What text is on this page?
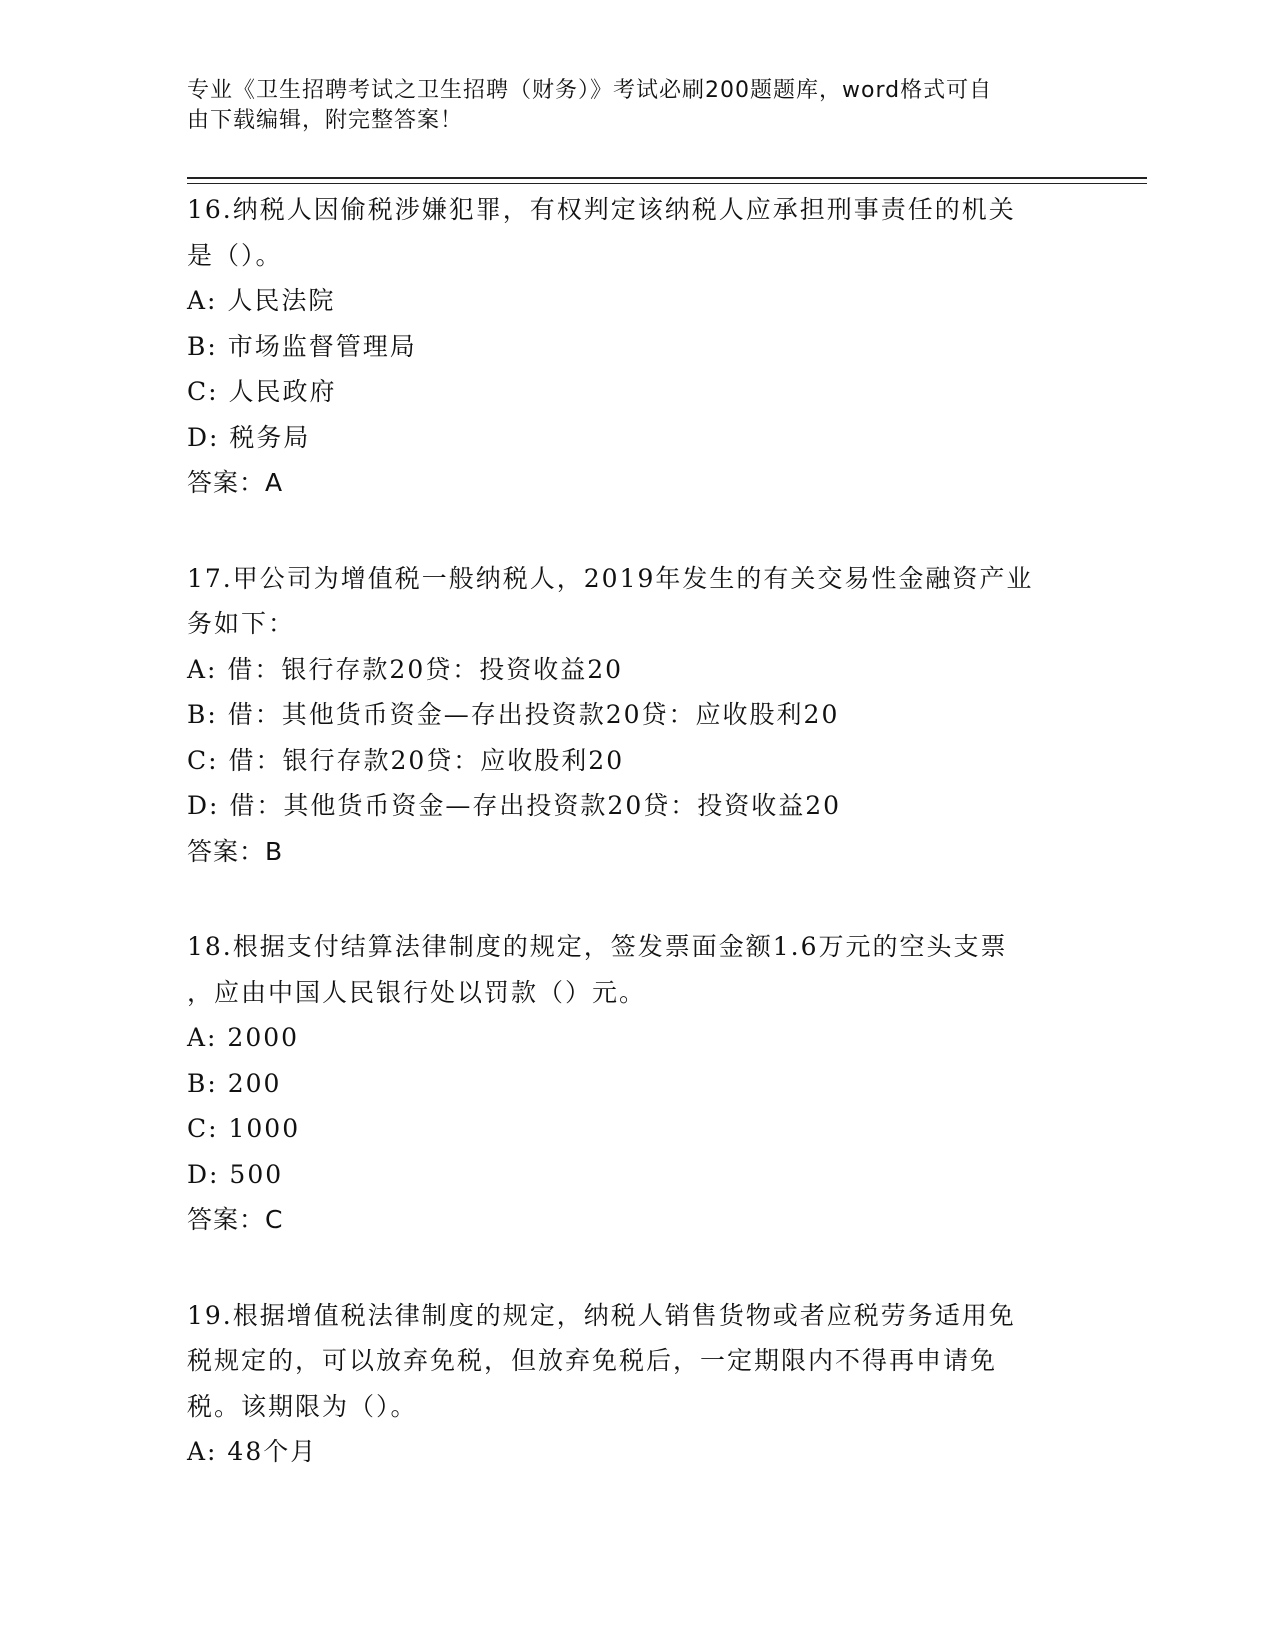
专业《卫生招聘考试之卫生招聘（财务）》考试必刷200题题库，word格式可自
由下载编辑，附完整答案！
16.纳税人因偷税涉嫌犯罪，有权判定该纳税人应承担刑事责任的机关
是（）。
A: 人民法院
B: 市场监督管理局
C: 人民政府
D: 税务局
答案：A
17.甲公司为增值税一般纳税人，2019年发生的有关交易性金融资产业
务如下：
A: 借：银行存款20贷：投资收益20
B: 借：其他货币资金—存出投资款20贷：应收股利20
C: 借：银行存款20贷：应收股利20
D: 借：其他货币资金—存出投资款20贷：投资收益20
答案：B
18.根据支付结算法律制度的规定，签发票面金额1.6万元的空头支票
，应由中国人民银行处以罚款（）元。
A: 2000
B: 200
C: 1000
D: 500
答案：C
19.根据增值税法律制度的规定，纳税人销售货物或者应税劳务适用免
税规定的，可以放弃免税，但放弃免税后，一定期限内不得再申请免
税。该期限为（）。
A: 48个月
